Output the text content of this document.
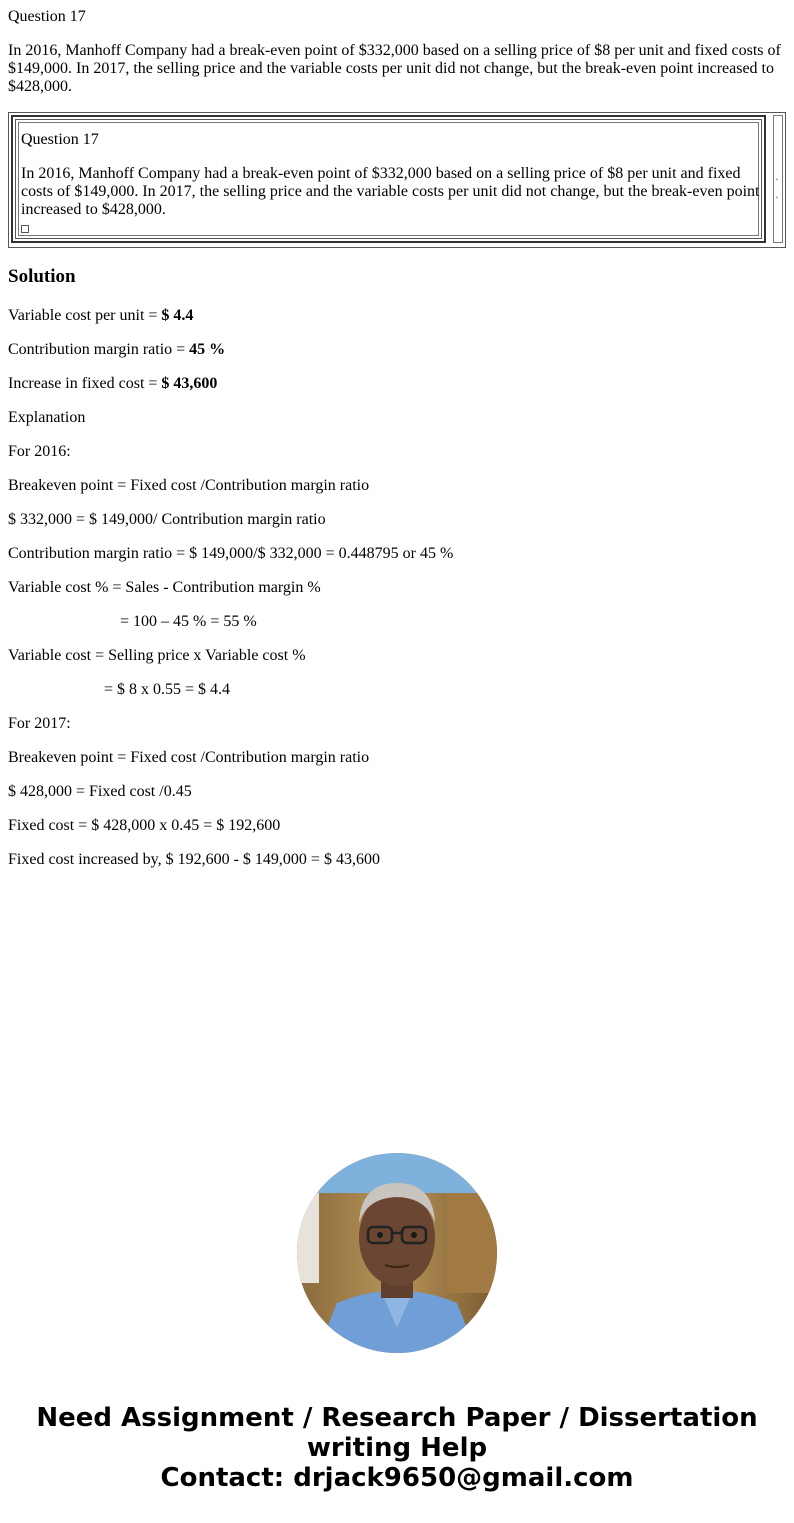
Question 17
In 2016, Manhoff Company had a break-even point of $332,000 based on a selling price of $8 per unit and fixed costs of $149,000. In 2017, the selling price and the variable costs per unit did not change, but the break-even point increased to $428,000.
Question 17
In 2016, Manhoff Company had a break-even point of $332,000 based on a selling price of $8 per unit and fixed costs of $149,000. In 2017, the selling price and the variable costs per unit did not change, but the break-even point increased to $428,000.
` `
Solution
Variable cost per unit = $ 4.4
Contribution margin ratio = 45 %
Increase in fixed cost = $ 43,600
Explanation
For 2016:
Breakeven point = Fixed cost /Contribution margin ratio
$ 332,000 = $ 149,000/ Contribution margin ratio
Contribution margin ratio = $ 149,000/$ 332,000 = 0.448795 or 45 %
Variable cost % = Sales - Contribution margin %
= 100 – 45 % = 55 %
Variable cost = Selling price x Variable cost %
= $ 8 x 0.55 = $ 4.4
For 2017:
Breakeven point = Fixed cost /Contribution margin ratio
$ 428,000 = Fixed cost /0.45
Fixed cost = $ 428,000 x 0.45 = $ 192,600
Fixed cost increased by, $ 192,600 - $ 149,000 = $ 43,600
Need Assignment / Research Paper / Dissertation
writing Help
Contact: drjack9650@gmail.com
